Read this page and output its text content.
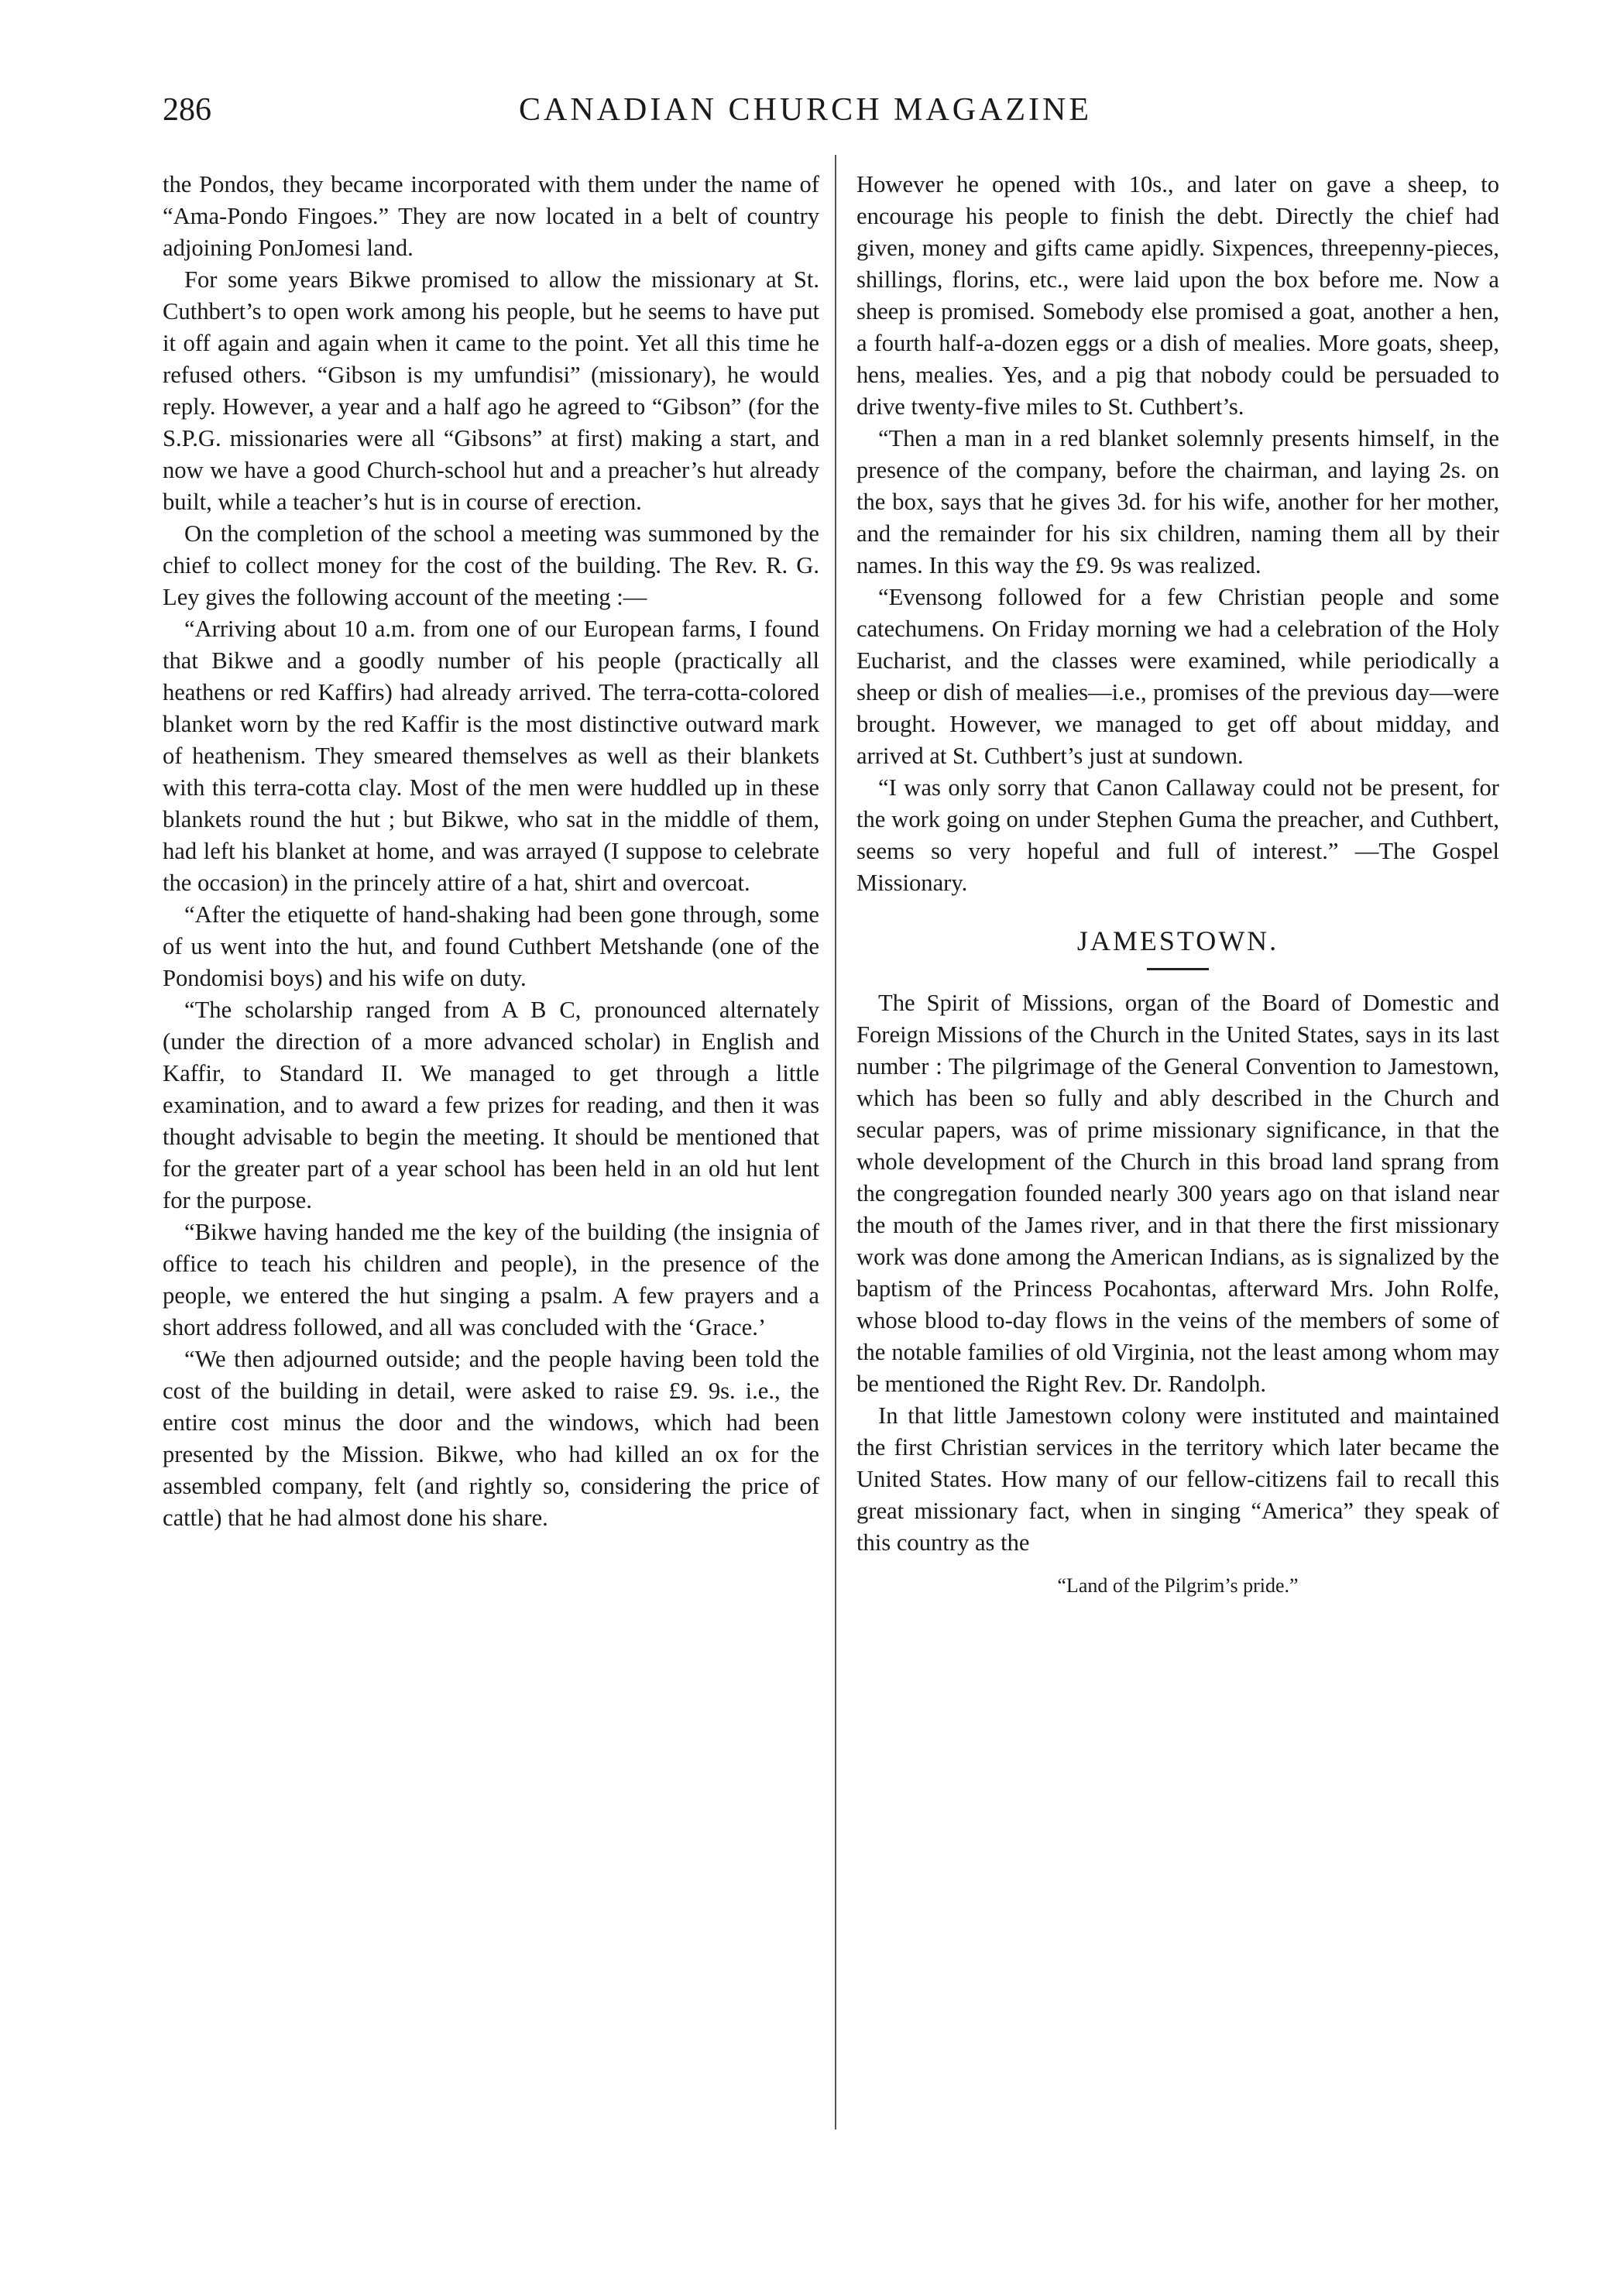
286	CANADIAN CHURCH MAGAZINE

the Pondos, they became incorporated with them under the name of “Ama-Pondo Fingoes.” They are now located in a belt of country adjoining PonJomesi land.

For some years Bikwe promised to allow the missionary at St. Cuthbert’s to open work among his people, but he seems to have put it off again and again when it came to the point. Yet all this time he refused others. “Gibson is my umfundisi” (missionary), he would reply. However, a year and a half ago he agreed to “Gibson” (for the S.P.G. missionaries were all “Gibsons” at first) making a start, and now we have a good Church-school hut and a preacher’s hut already built, while a teacher’s hut is in course of erection.

On the completion of the school a meeting was summoned by the chief to collect money for the cost of the building. The Rev. R. G. Ley gives the following account of the meeting :—

“Arriving about 10 a.m. from one of our European farms, I found that Bikwe and a goodly number of his people (practically all heathens or red Kaffirs) had already arrived. The terra-cotta-colored blanket worn by the red Kaffir is the most distinctive outward mark of heathenism. They smeared themselves as well as their blankets with this terra-cotta clay. Most of the men were huddled up in these blankets round the hut ; but Bikwe, who sat in the middle of them, had left his blanket at home, and was arrayed (I suppose to celebrate the occasion) in the princely attire of a hat, shirt and overcoat.

“After the etiquette of hand-shaking had been gone through, some of us went into the hut, and found Cuthbert Metshande (one of the Pondomisi boys) and his wife on duty.

“The scholarship ranged from A B C, pronounced alternately (under the direction of a more advanced scholar) in English and Kaffir, to Standard II. We managed to get through a little examination, and to award a few prizes for reading, and then it was thought advisable to begin the meeting. It should be mentioned that for the greater part of a year school has been held in an old hut lent for the purpose.

“Bikwe having handed me the key of the building (the insignia of office to teach his children and people), in the presence of the people, we entered the hut singing a psalm. A few prayers and a short address followed, and all was concluded with the ‘Grace.’

“We then adjourned outside; and the people having been told the cost of the building in detail, were asked to raise £9. 9s. i.e., the entire cost minus the door and the windows, which had been presented by the Mission. Bikwe, who had killed an ox for the assembled company, felt (and rightly so, considering the price of cattle) that he had almost done his share.

However he opened with 10s., and later on gave a sheep, to encourage his people to finish the debt. Directly the chief had given, money and gifts came apidly. Sixpences, threepenny-pieces, shillings, florins, etc., were laid upon the box before me. Now a sheep is promised. Somebody else promised a goat, another a hen, a fourth half-a-dozen eggs or a dish of mealies. More goats, sheep, hens, mealies. Yes, and a pig that nobody could be persuaded to drive twenty-five miles to St. Cuthbert’s.

“Then a man in a red blanket solemnly presents himself, in the presence of the company, before the chairman, and laying 2s. on the box, says that he gives 3d. for his wife, another for her mother, and the remainder for his six children, naming them all by their names. In this way the £9. 9s was realized.

“Evensong followed for a few Christian people and some catechumens. On Friday morning we had a celebration of the Holy Eucharist, and the classes were examined, while periodically a sheep or dish of mealies—i.e., promises of the previous day—were brought. However, we managed to get off about midday, and arrived at St. Cuthbert’s just at sundown.

“I was only sorry that Canon Callaway could not be present, for the work going on under Stephen Guma the preacher, and Cuthbert, seems so very hopeful and full of interest.” —The Gospel Missionary.

JAMESTOWN.

The Spirit of Missions, organ of the Board of Domestic and Foreign Missions of the Church in the United States, says in its last number : The pilgrimage of the General Convention to Jamestown, which has been so fully and ably described in the Church and secular papers, was of prime missionary significance, in that the whole development of the Church in this broad land sprang from the congregation founded nearly 300 years ago on that island near the mouth of the James river, and in that there the first missionary work was done among the American Indians, as is signalized by the baptism of the Princess Pocahontas, afterward Mrs. John Rolfe, whose blood to-day flows in the veins of the members of some of the notable families of old Virginia, not the least among whom may be mentioned the Right Rev. Dr. Randolph.

In that little Jamestown colony were instituted and maintained the first Christian services in the territory which later became the United States. How many of our fellow-citizens fail to recall this great missionary fact, when in singing “America” they speak of this country as the

“Land of the Pilgrim’s pride.”
